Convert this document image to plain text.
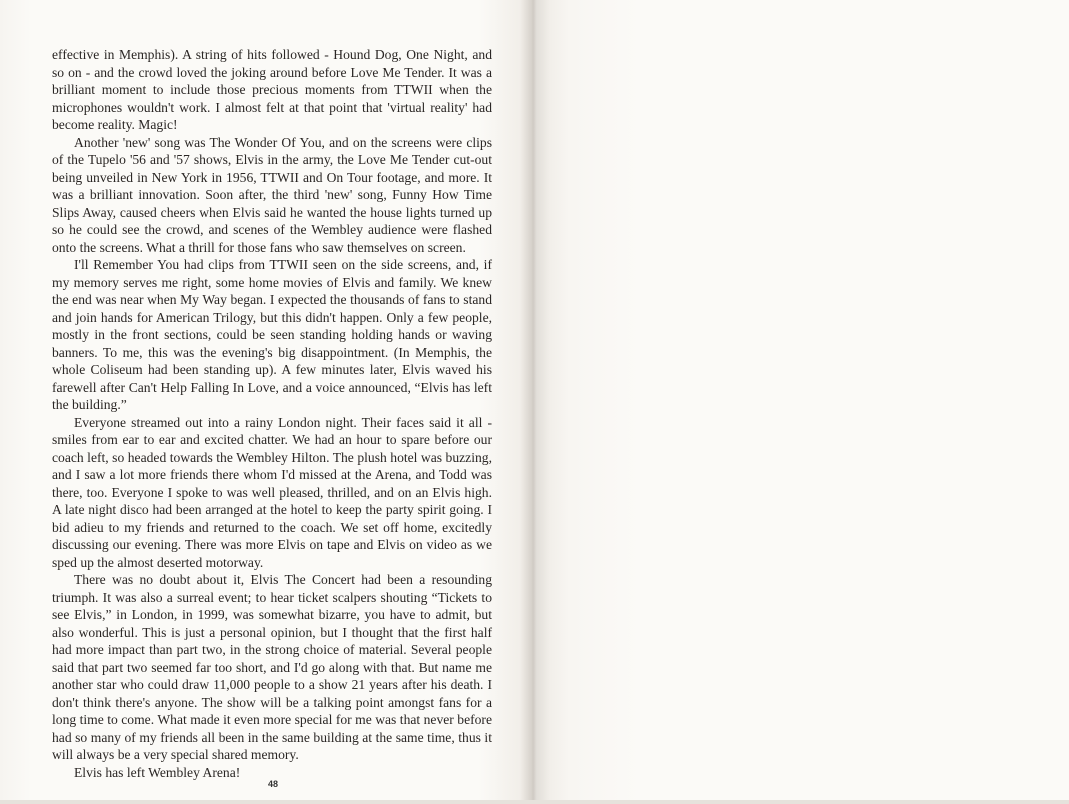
effective in Memphis). A string of hits followed - Hound Dog, One Night, and so on - and the crowd loved the joking around before Love Me Tender. It was a brilliant moment to include those precious moments from TTWII when the microphones wouldn't work. I almost felt at that point that 'virtual reality' had become reality. Magic!

Another 'new' song was The Wonder Of You, and on the screens were clips of the Tupelo '56 and '57 shows, Elvis in the army, the Love Me Tender cut-out being unveiled in New York in 1956, TTWII and On Tour footage, and more. It was a brilliant innovation. Soon after, the third 'new' song, Funny How Time Slips Away, caused cheers when Elvis said he wanted the house lights turned up so he could see the crowd, and scenes of the Wembley audience were flashed onto the screens. What a thrill for those fans who saw themselves on screen.

I'll Remember You had clips from TTWII seen on the side screens, and, if my memory serves me right, some home movies of Elvis and family. We knew the end was near when My Way began. I expected the thousands of fans to stand and join hands for American Trilogy, but this didn't happen. Only a few people, mostly in the front sections, could be seen standing holding hands or waving banners. To me, this was the evening's big disappointment. (In Memphis, the whole Coliseum had been standing up). A few minutes later, Elvis waved his farewell after Can't Help Falling In Love, and a voice announced, “Elvis has left the building.”

Everyone streamed out into a rainy London night. Their faces said it all - smiles from ear to ear and excited chatter. We had an hour to spare before our coach left, so headed towards the Wembley Hilton. The plush hotel was buzzing, and I saw a lot more friends there whom I'd missed at the Arena, and Todd was there, too. Everyone I spoke to was well pleased, thrilled, and on an Elvis high. A late night disco had been arranged at the hotel to keep the party spirit going. I bid adieu to my friends and returned to the coach. We set off home, excitedly discussing our evening. There was more Elvis on tape and Elvis on video as we sped up the almost deserted motorway.

There was no doubt about it, Elvis The Concert had been a resounding triumph. It was also a surreal event; to hear ticket scalpers shouting “Tickets to see Elvis,” in London, in 1999, was somewhat bizarre, you have to admit, but also wonderful. This is just a personal opinion, but I thought that the first half had more impact than part two, in the strong choice of material. Several people said that part two seemed far too short, and I'd go along with that. But name me another star who could draw 11,000 people to a show 21 years after his death. I don't think there's anyone. The show will be a talking point amongst fans for a long time to come. What made it even more special for me was that never before had so many of my friends all been in the same building at the same time, thus it will always be a very special shared memory.

Elvis has left Wembley Arena!

48
